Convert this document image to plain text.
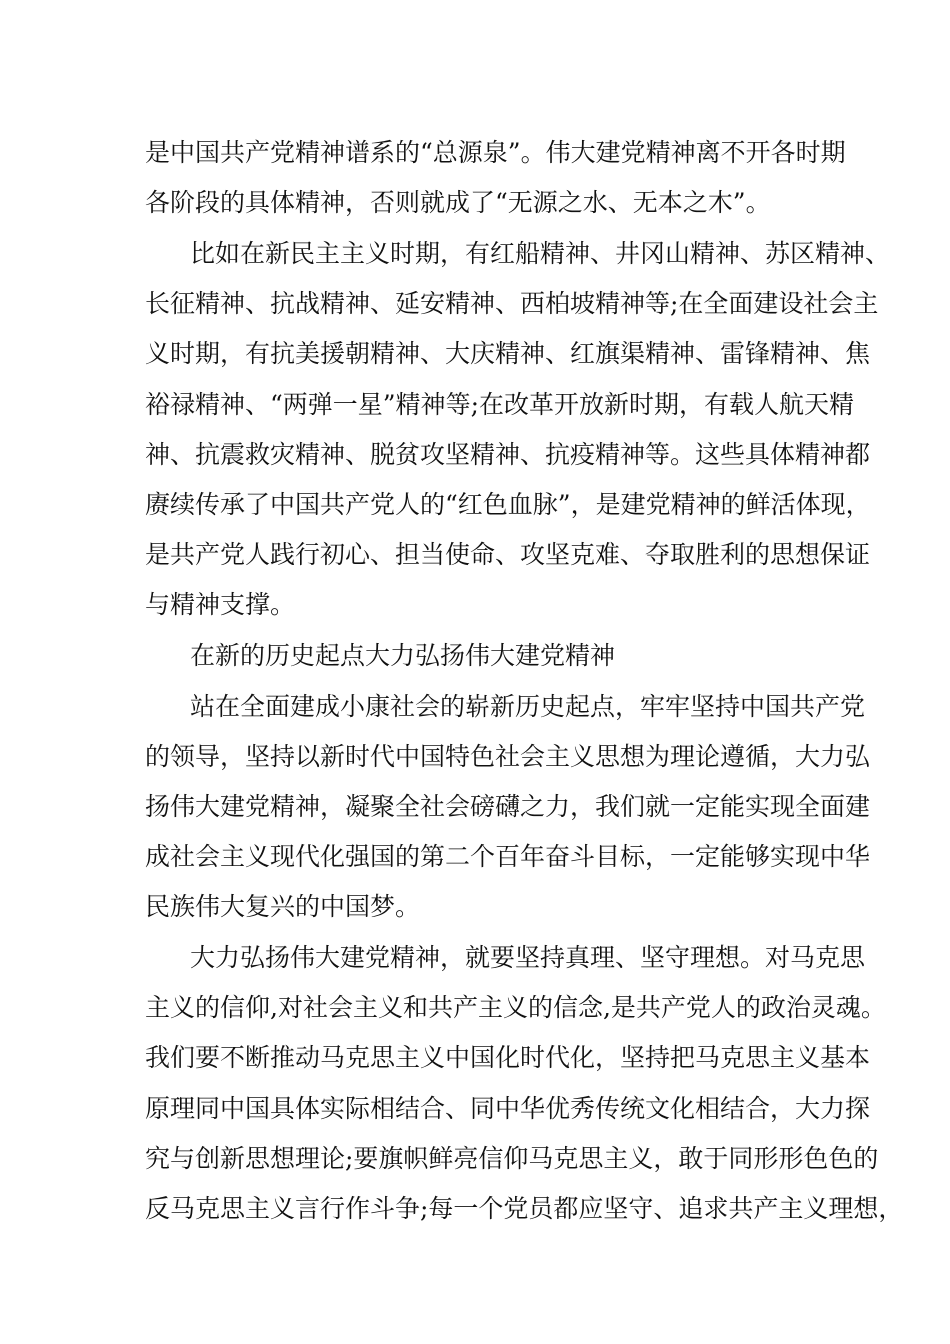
是中国共产党精神谱系的“总源泉”。伟大建党精神离不开各时期
各阶段的具体精神，否则就成了“无源之水、无本之木”。
比如在新民主主义时期，有红船精神、井冈山精神、苏区精神、
长征精神、抗战精神、延安精神、西柏坡精神等;在全面建设社会主
义时期，有抗美援朝精神、大庆精神、红旗渠精神、雷锋精神、焦
裕禄精神、“两弹一星”精神等;在改革开放新时期，有载人航天精
神、抗震救灾精神、脱贫攻坚精神、抗疫精神等。这些具体精神都
赓续传承了中国共产党人的“红色血脉”，是建党精神的鲜活体现，
是共产党人践行初心、担当使命、攻坚克难、夺取胜利的思想保证
与精神支撑。
在新的历史起点大力弘扬伟大建党精神
站在全面建成小康社会的崭新历史起点，牢牢坚持中国共产党
的领导，坚持以新时代中国特色社会主义思想为理论遵循，大力弘
扬伟大建党精神，凝聚全社会磅礴之力，我们就一定能实现全面建
成社会主义现代化强国的第二个百年奋斗目标，一定能够实现中华
民族伟大复兴的中国梦。
大力弘扬伟大建党精神，就要坚持真理、坚守理想。对马克思
主义的信仰,对社会主义和共产主义的信念,是共产党人的政治灵魂。
我们要不断推动马克思主义中国化时代化，坚持把马克思主义基本
原理同中国具体实际相结合、同中华优秀传统文化相结合，大力探
究与创新思想理论;要旗帜鲜亮信仰马克思主义，敢于同形形色色的
反马克思主义言行作斗争;每一个党员都应坚守、追求共产主义理想，
